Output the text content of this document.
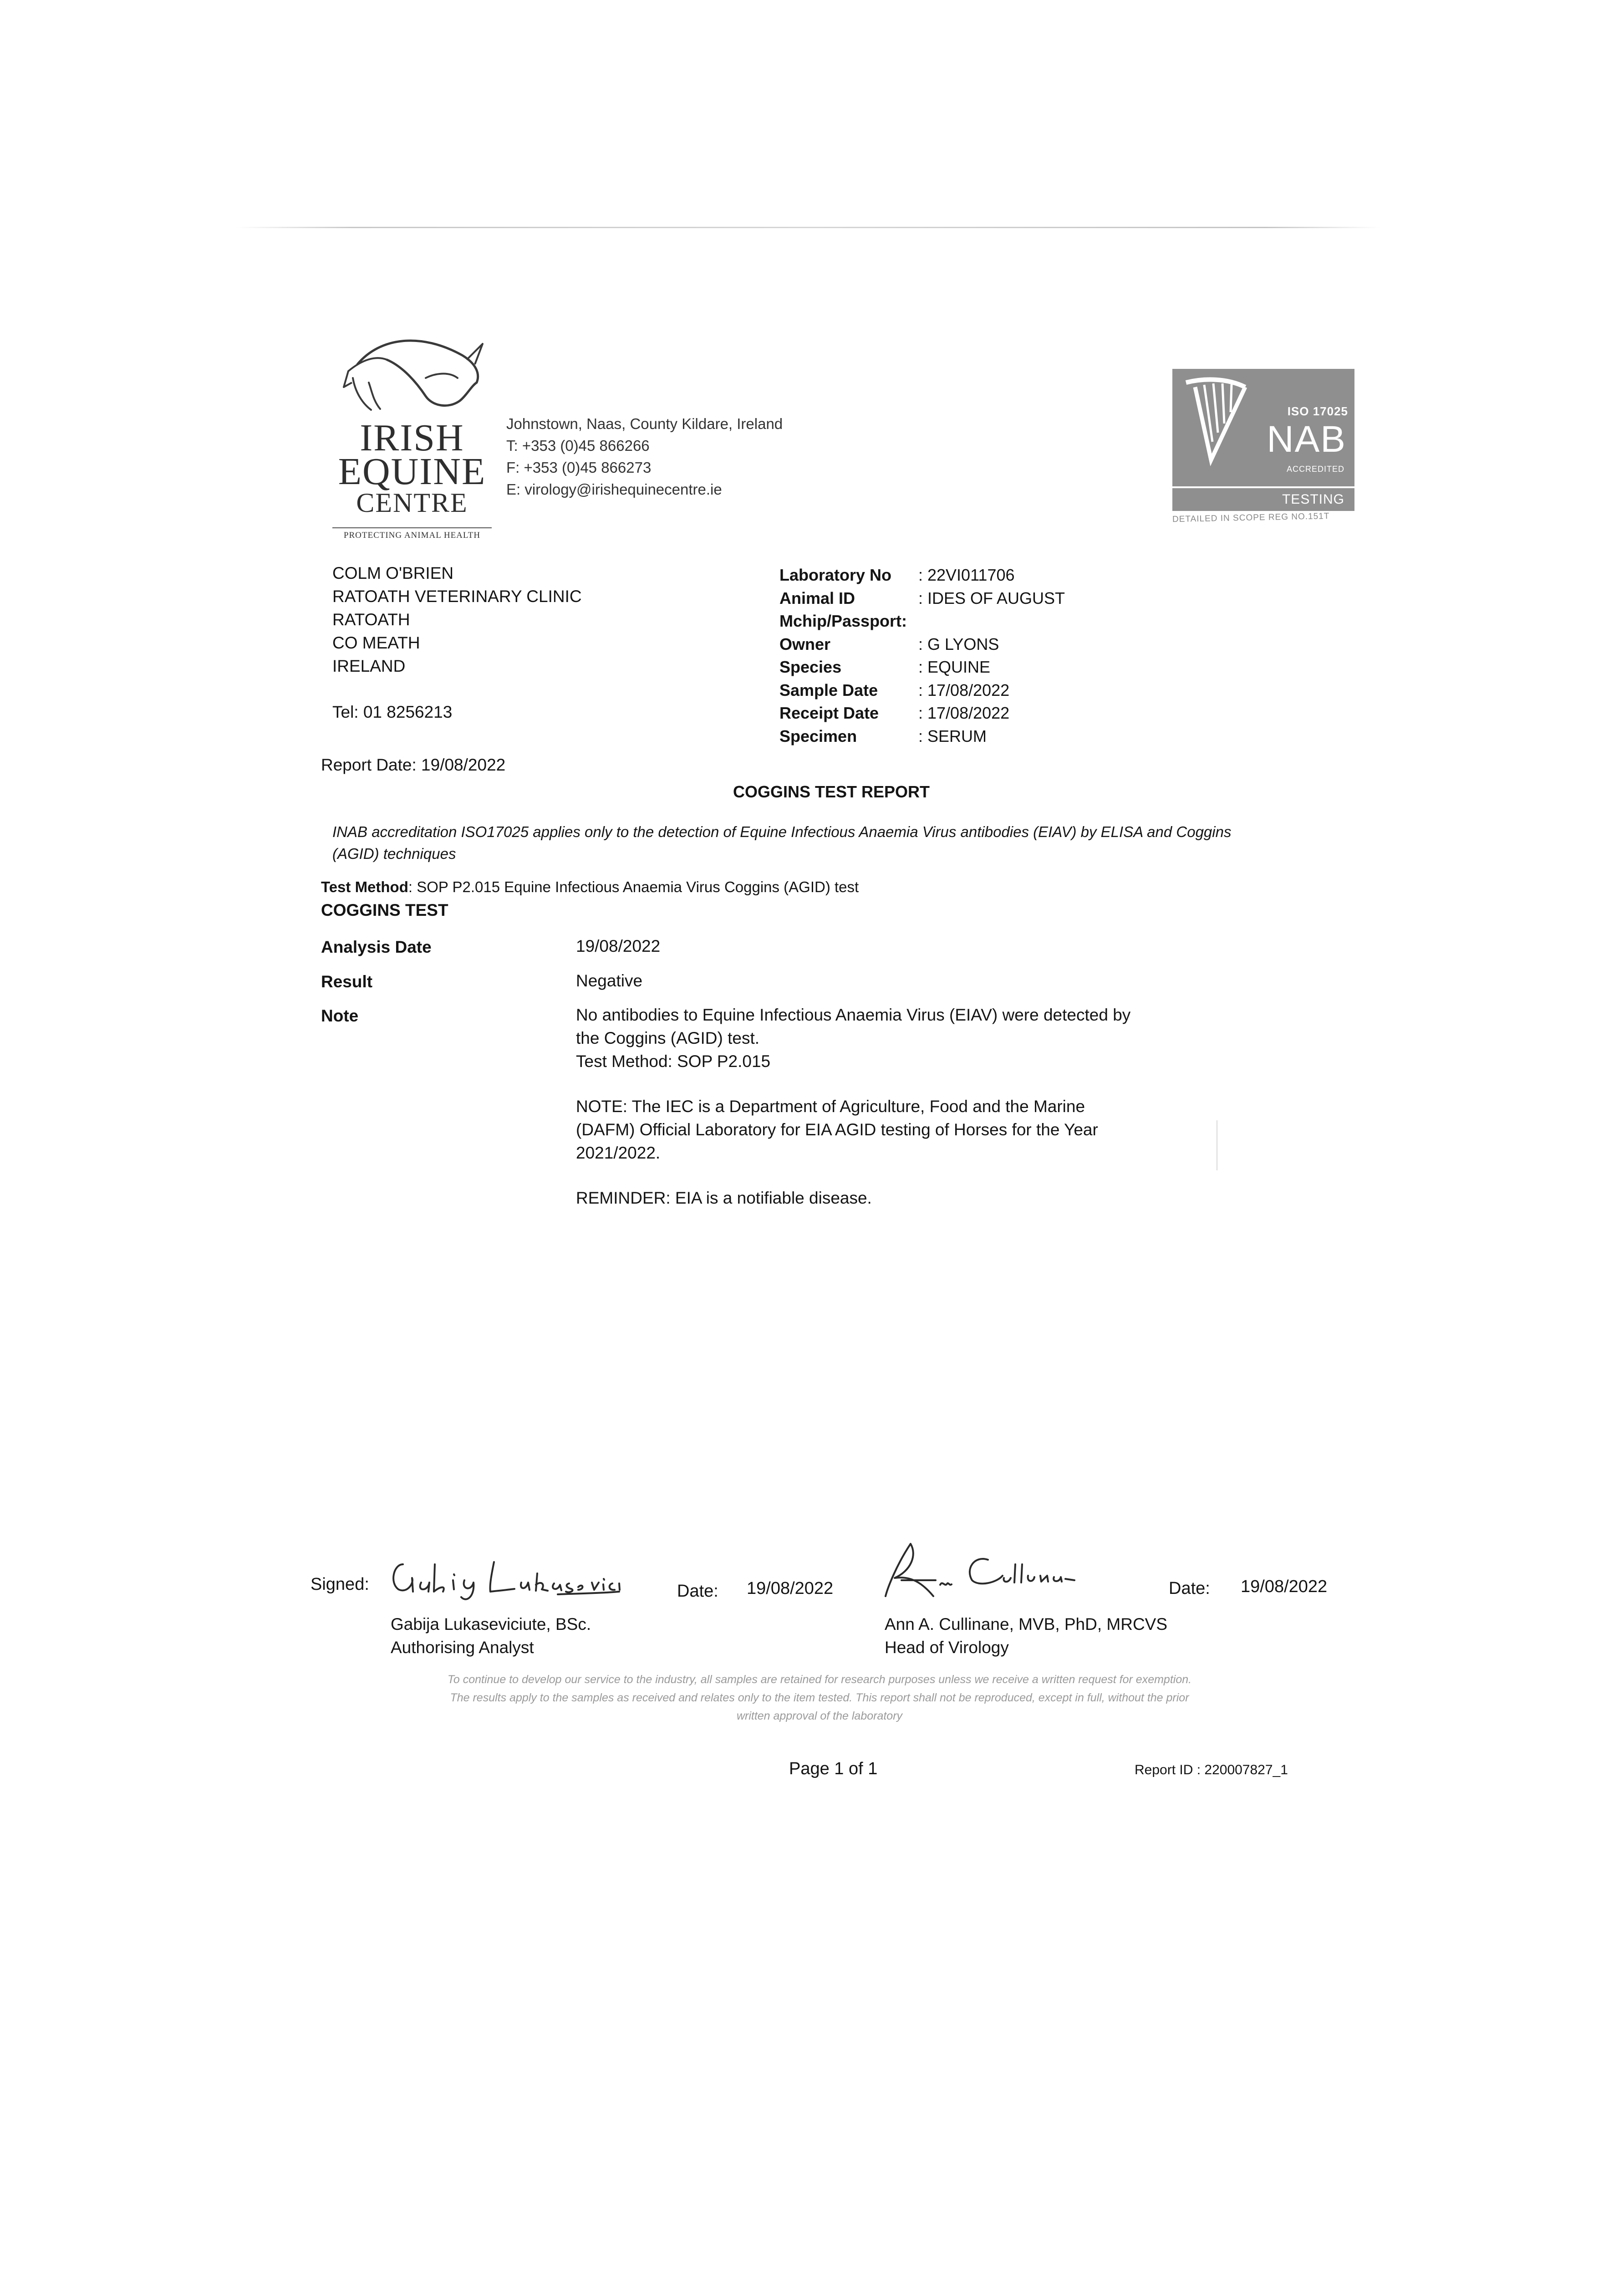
IRISH
EQUINE
CENTRE
PROTECTING ANIMAL HEALTH
Johnstown, Naas, County Kildare, Ireland
T: +353 (0)45 866266
F: +353 (0)45 866273
E: virology@irishequinecentre.ie
ISO 17025
NAB
ACCREDITED
TESTING
DETAILED IN SCOPE REG NO.151T
COLM O'BRIEN
RATOATH VETERINARY CLINIC
RATOATH
CO MEATH
IRELAND
Tel: 01 8256213
Laboratory No	: 22VI011706
Animal ID	: IDES OF AUGUST
Mchip/Passport:
Owner	: G LYONS
Species	: EQUINE
Sample Date	: 17/08/2022
Receipt Date	: 17/08/2022
Specimen	: SERUM
Report Date: 19/08/2022
COGGINS TEST REPORT
INAB accreditation ISO17025 applies only to the detection of Equine Infectious Anaemia Virus antibodies (EIAV) by ELISA and Coggins (AGID) techniques
Test Method: SOP P2.015 Equine Infectious Anaemia Virus Coggins (AGID) test
COGGINS TEST
Analysis Date	19/08/2022
Result	Negative
Note	No antibodies to Equine Infectious Anaemia Virus (EIAV) were detected by
the Coggins (AGID) test.
Test Method: SOP P2.015
NOTE: The IEC is a Department of Agriculture, Food and the Marine
(DAFM) Official Laboratory for EIA AGID testing of Horses for the Year
2021/2022.
REMINDER: EIA is a notifiable disease.
Signed:	Date: 19/08/2022	Date: 19/08/2022
Gabija Lukaseviciute, BSc.
Authorising Analyst
Ann A. Cullinane, MVB, PhD, MRCVS
Head of Virology
To continue to develop our service to the industry, all samples are retained for research purposes unless we receive a written request for exemption.
The results apply to the samples as received and relates only to the item tested. This report shall not be reproduced, except in full, without the prior
written approval of the laboratory
Page 1 of 1	Report ID : 220007827_1
